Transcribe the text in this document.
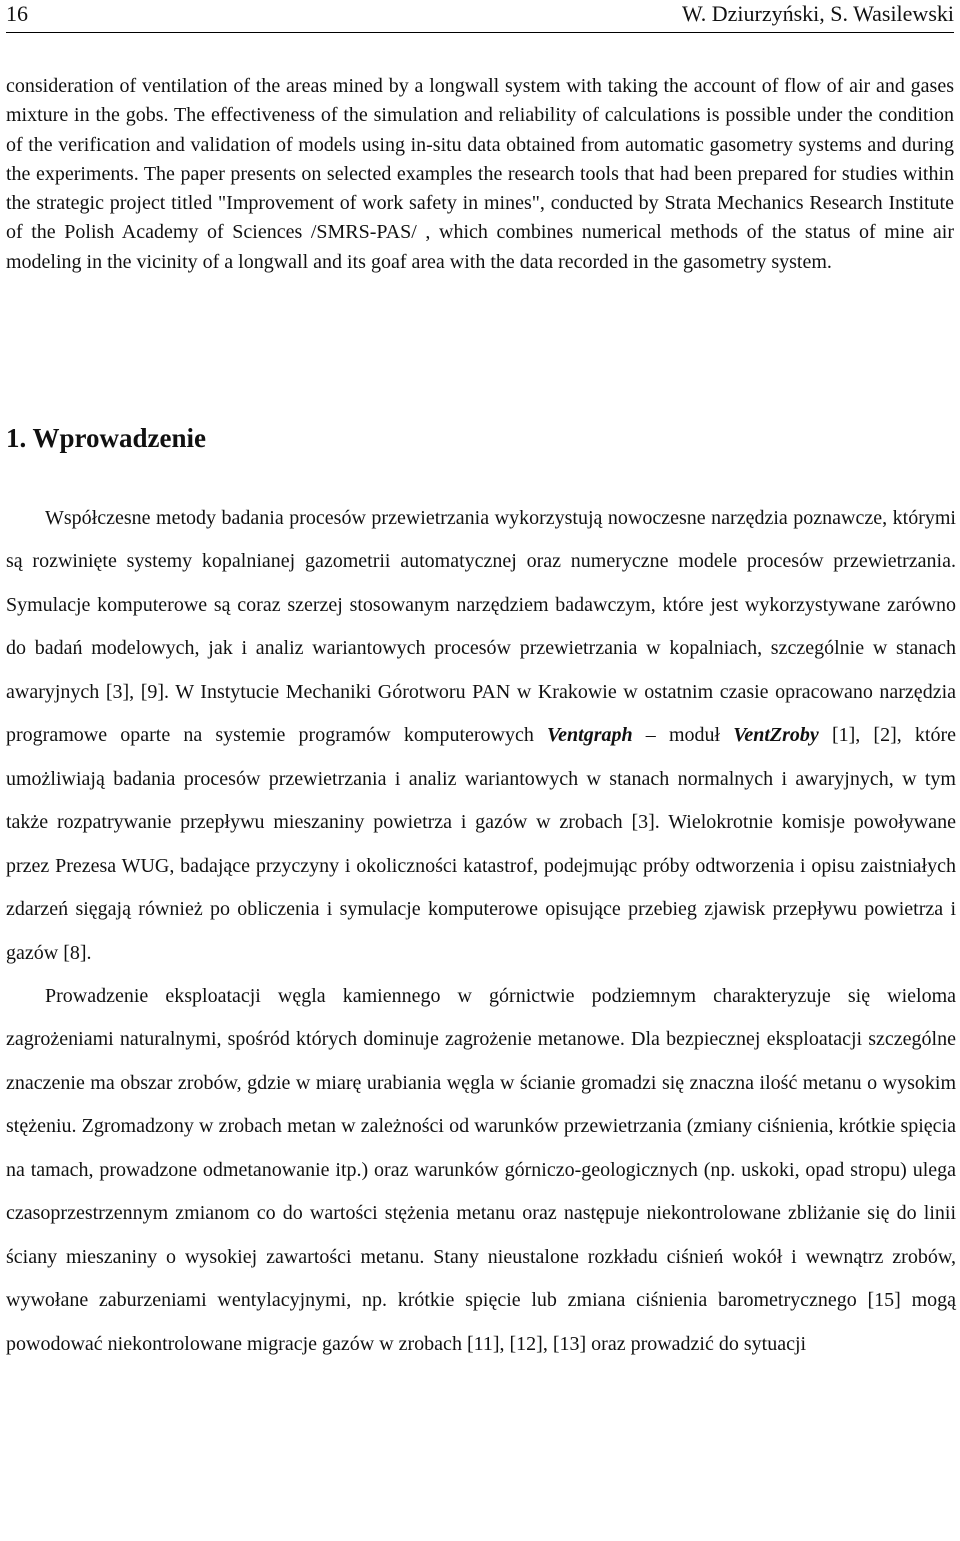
16	W. Dziurzyński, S. Wasilewski
consideration of ventilation of the areas mined by a longwall system with taking the account of flow of air and gases mixture in the gobs. The effectiveness of the simulation and reliability of calculations is possible under the condition of the verification and validation of models using in-situ data obtained from automatic gasometry systems and during the experiments. The paper presents on selected examples the research tools that had been prepared for studies within the strategic project titled "Improvement of work safety in mines", conducted by Strata Mechanics Research Institute of the Polish Academy of Sciences /SMRS-PAS/ , which combines numerical methods of the status of mine air modeling in the vicinity of a longwall and its goaf area with the data recorded in the gasometry system.
1. Wprowadzenie

Współczesne metody badania procesów przewietrzania wykorzystują nowoczesne narzędzia poznawcze, którymi są rozwinięte systemy kopalnianej gazometrii automatycznej oraz numeryczne modele procesów przewietrzania. Symulacje komputerowe są coraz szerzej stosowanym narzędziem badawczym, które jest wykorzystywane zarówno do badań modelowych, jak i analiz wariantowych procesów przewietrzania w kopalniach, szczególnie w stanach awaryjnych [3], [9]. W Instytucie Mechaniki Górotworu PAN w Krakowie w ostatnim czasie opracowano narzędzia programowe oparte na systemie programów komputerowych Ventgraph – moduł VentZroby [1], [2], które umożliwiają badania procesów przewietrzania i analiz wariantowych w stanach normalnych i awaryjnych, w tym także rozpatrywanie przepływu mieszaniny powietrza i gazów w zrobach [3]. Wielokrotnie komisje powoływane przez Prezesa WUG, badające przyczyny i okoliczności katastrof, podejmując próby odtworzenia i opisu zaistniałych zdarzeń sięgają również po obliczenia i symulacje komputerowe opisujące przebieg zjawisk przepływu powietrza i gazów [8].

Prowadzenie eksploatacji węgla kamiennego w górnictwie podziemnym charakteryzuje się wieloma zagrożeniami naturalnymi, spośród których dominuje zagrożenie metanowe. Dla bezpiecznej eksploatacji szczególne znaczenie ma obszar zrobów, gdzie w miarę urabiania węgla w ścianie gromadzi się znaczna ilość metanu o wysokim stężeniu. Zgromadzony w zrobach metan w zależności od warunków przewietrzania (zmiany ciśnienia, krótkie spięcia na tamach, prowadzone odmetanowanie itp.) oraz warunków górniczo-geologicznych (np. uskoki, opad stropu) ulega czasoprzestrzennym zmianom co do wartości stężenia metanu oraz następuje niekontrolowane zbliżanie się do linii ściany mieszaniny o wysokiej zawartości metanu. Stany nieustalone rozkładu ciśnień wokół i wewnątrz zrobów, wywołane zaburzeniami wentylacyjnymi, np. krótkie spięcie lub zmiana ciśnienia barometrycznego [15] mogą powodować niekontrolowane migracje gazów w zrobach [11], [12], [13] oraz prowadzić do sytuacji
